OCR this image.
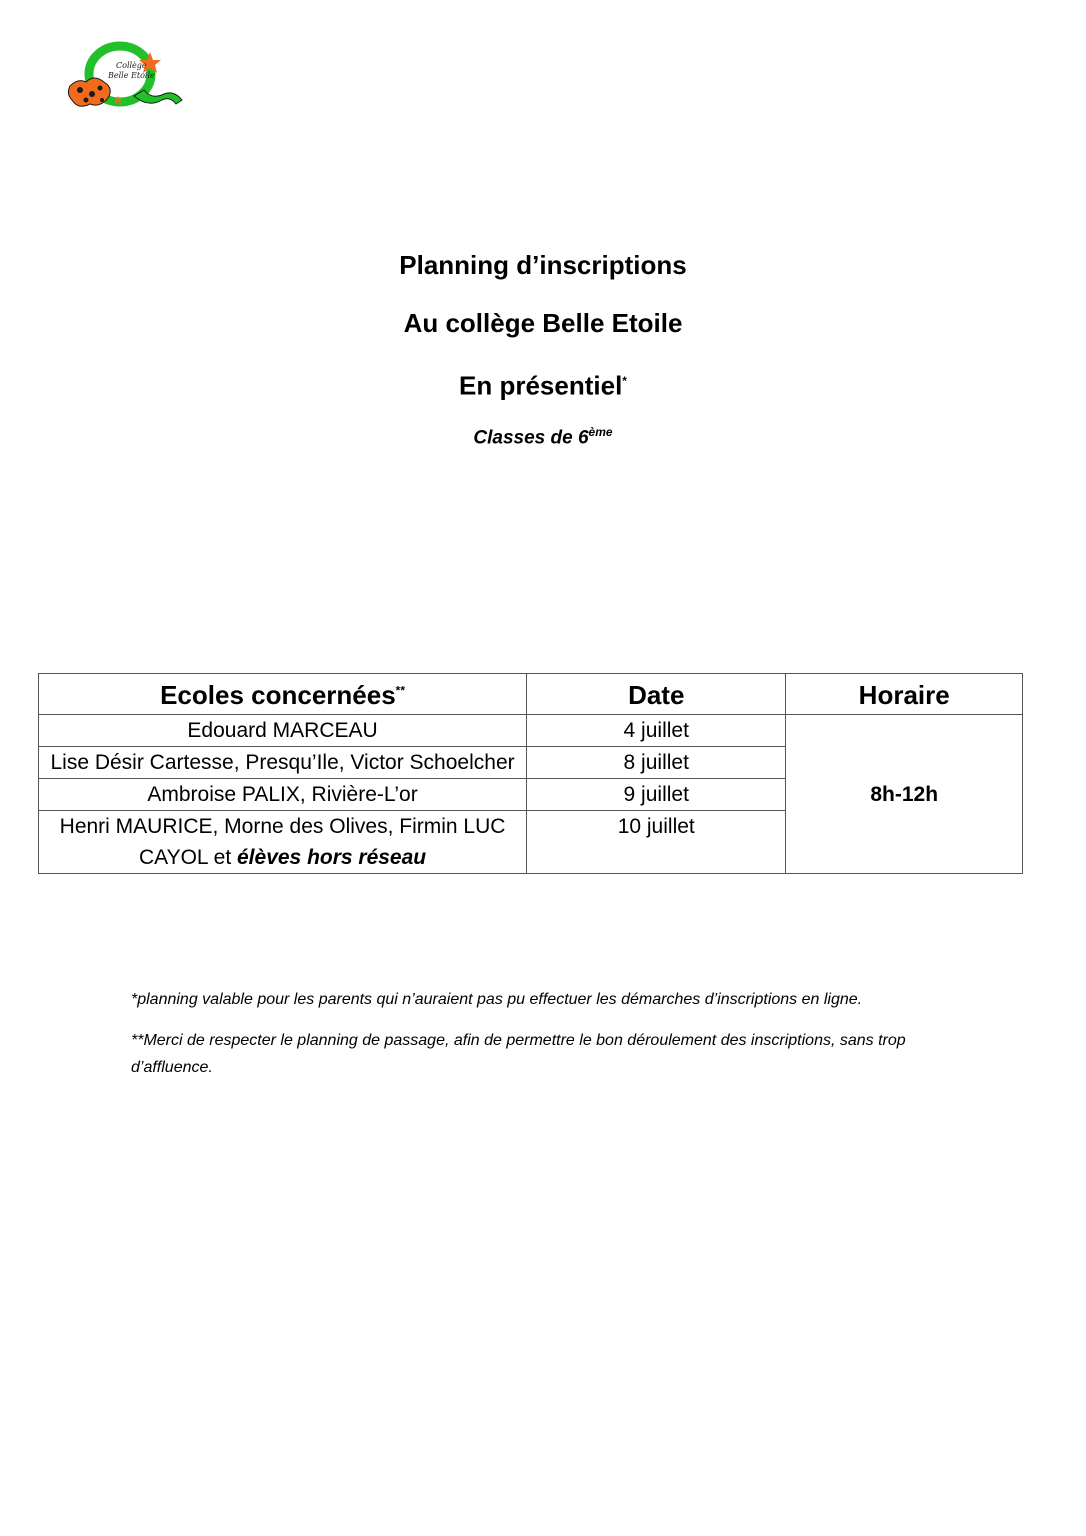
Collège
Belle Etoile
Planning d’inscriptions
Au collège Belle Etoile
En présentiel*
Classes de 6ème
Ecoles concernées**	Date	Horaire
Edouard MARCEAU	4 juillet	8h-12h
Lise Désir Cartesse, Presqu’Ile, Victor Schoelcher	8 juillet	
Ambroise PALIX, Rivière-L’or	9 juillet	
Henri MAURICE, Morne des Olives, Firmin LUC CAYOL et élèves hors réseau	10 juillet	

*planning valable pour les parents qui n’auraient pas pu effectuer les démarches d’inscriptions en ligne.

**Merci de respecter le planning de passage, afin de permettre le bon déroulement des inscriptions, sans trop d’affluence.
